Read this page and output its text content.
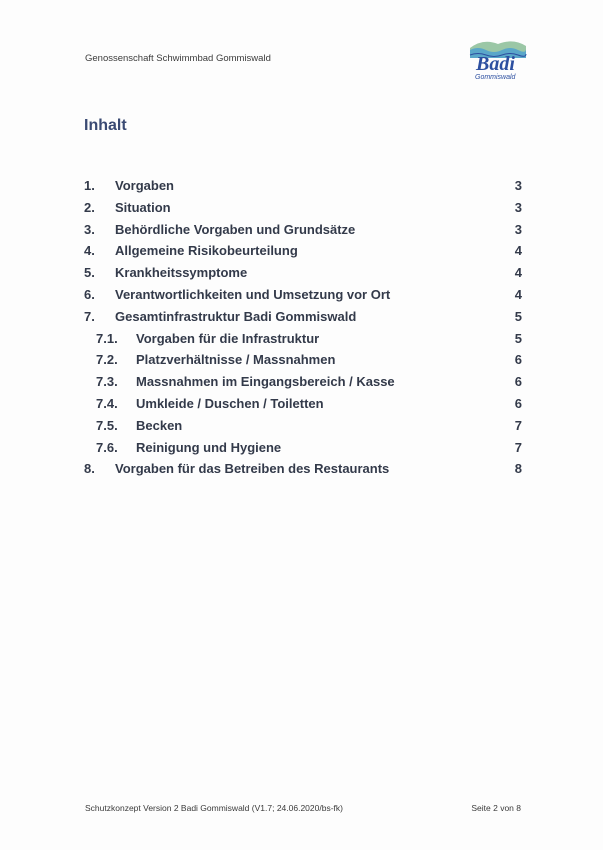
Genossenschaft Schwimmbad Gommiswald	Badi
Gommiswald
Inhalt
1. Vorgaben	3
2. Situation	3
3. Behördliche Vorgaben und Grundsätze	3
4. Allgemeine Risikobeurteilung	4
5. Krankheitssymptome	4
6. Verantwortlichkeiten und Umsetzung vor Ort	4
7. Gesamtinfrastruktur Badi Gommiswald	5
7.1. Vorgaben für die Infrastruktur	5
7.2. Platzverhältnisse / Massnahmen	6
7.3. Massnahmen im Eingangsbereich / Kasse	6
7.4. Umkleide / Duschen / Toiletten	6
7.5. Becken	7
7.6. Reinigung und Hygiene	7
8. Vorgaben für das Betreiben des Restaurants	8
Schutzkonzept Version 2 Badi Gommiswald (V1.7; 24.06.2020/bs-fk)	Seite 2 von 8
